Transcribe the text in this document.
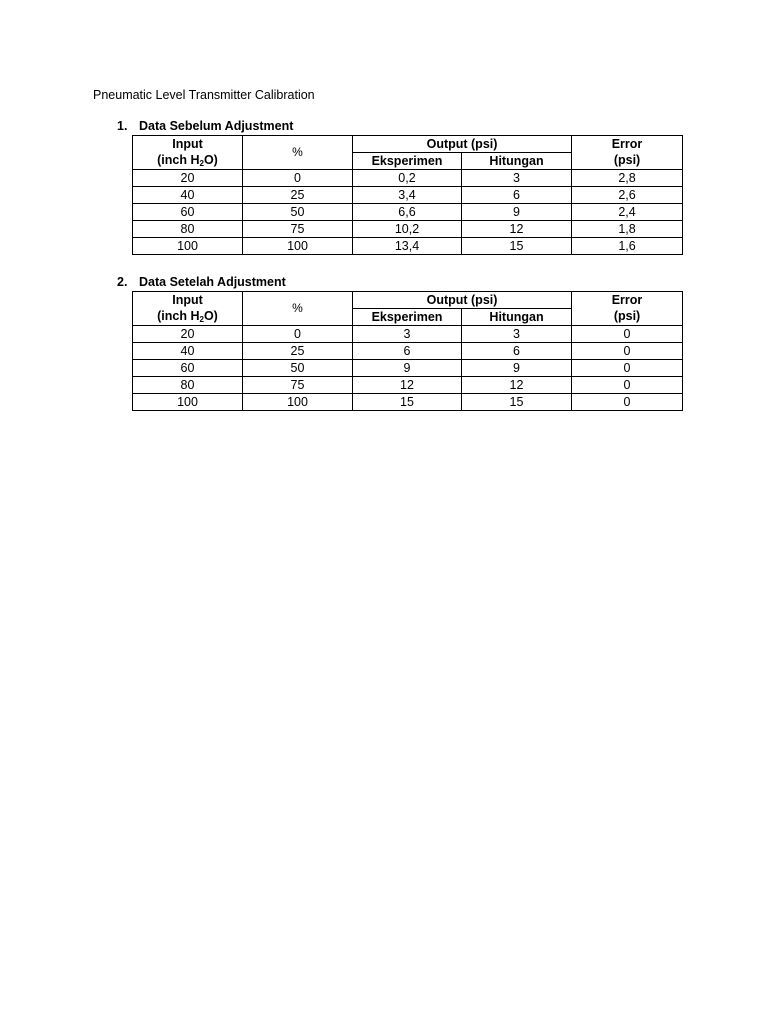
Pneumatic Level Transmitter Calibration
1. Data Sebelum Adjustment
Input	%	Output (psi)		Error
(inch $H_2O$)		Eksperimen	Hitungan	(psi)
20	0	0,2	3	2,8
40	25	3,4	6	2,6
60	50	6,6	9	2,4
80	75	10,2	12	1,8
100	100	13,4	15	1,6
2. Data Setelah Adjustment
Input	%	Output (psi)		Error
(inch $H_2O$)		Eksperimen	Hitungan	(psi)
20	0	3	3	0
40	25	6	6	0
60	50	9	9	0
80	75	12	12	0
100	100	15	15	0
